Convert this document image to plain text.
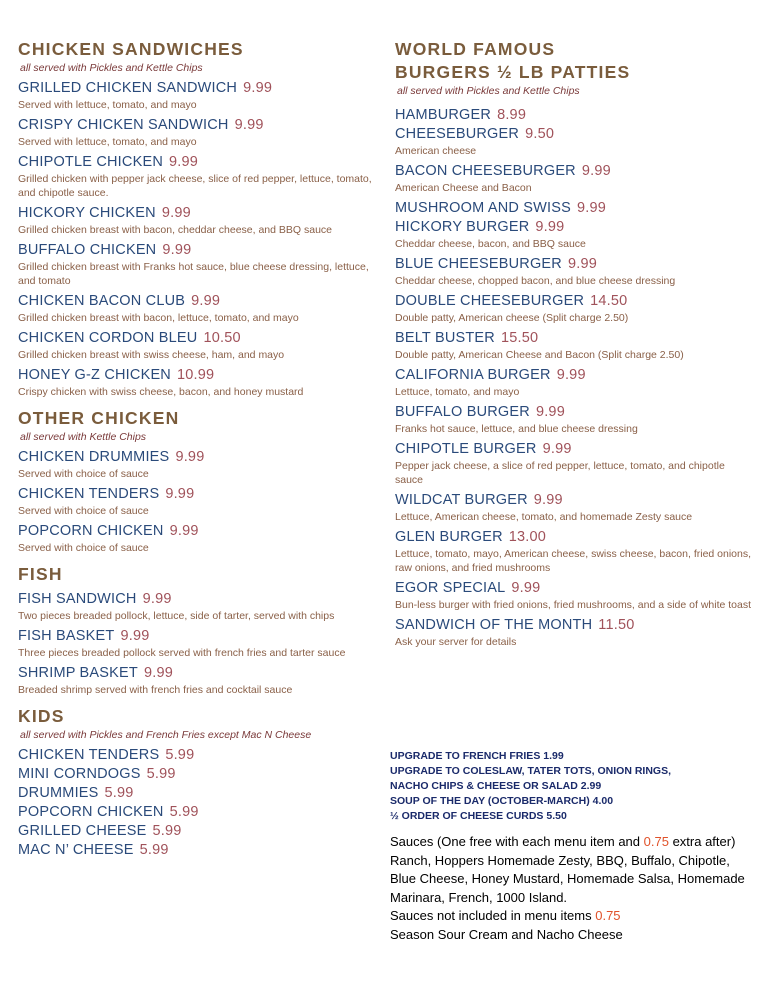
CHICKEN SANDWICHES
all served with Pickles and Kettle Chips
GRILLED CHICKEN SANDWICH 9.99
Served with lettuce, tomato, and mayo
CRISPY CHICKEN SANDWICH 9.99
Served with lettuce, tomato, and mayo
CHIPOTLE CHICKEN 9.99
Grilled chicken with pepper jack cheese, slice of red pepper, lettuce, tomato, and chipotle sauce.
HICKORY CHICKEN 9.99
Grilled chicken breast with bacon, cheddar cheese, and BBQ sauce
BUFFALO CHICKEN 9.99
Grilled chicken breast with Franks hot sauce, blue cheese dressing, lettuce, and tomato
CHICKEN BACON CLUB 9.99
Grilled chicken breast with bacon, lettuce, tomato, and mayo
CHICKEN CORDON BLEU 10.50
Grilled chicken breast with swiss cheese, ham, and mayo
HONEY G-Z CHICKEN 10.99
Crispy chicken with swiss cheese, bacon, and honey mustard
OTHER CHICKEN
all served with Kettle Chips
CHICKEN DRUMMIES 9.99
Served with choice of sauce
CHICKEN TENDERS 9.99
Served with choice of sauce
POPCORN CHICKEN 9.99
Served with choice of sauce
FISH
FISH SANDWICH 9.99
Two pieces breaded pollock, lettuce, side of tarter, served with chips
FISH BASKET 9.99
Three pieces breaded pollock served with french fries and tarter sauce
SHRIMP BASKET 9.99
Breaded shrimp served with french fries and cocktail sauce
KIDS
all served with Pickles and French Fries except Mac N Cheese
CHICKEN TENDERS 5.99
MINI CORNDOGS 5.99
DRUMMIES 5.99
POPCORN CHICKEN 5.99
GRILLED CHEESE 5.99
MAC N’ CHEESE 5.99
WORLD FAMOUS
BURGERS ½ LB PATTIES
all served with Pickles and Kettle Chips
HAMBURGER 8.99
CHEESEBURGER 9.50
American cheese
BACON CHEESEBURGER 9.99
American Cheese and Bacon
MUSHROOM AND SWISS 9.99
HICKORY BURGER 9.99
Cheddar cheese, bacon, and BBQ sauce
BLUE CHEESEBURGER 9.99
Cheddar cheese, chopped bacon, and blue cheese dressing
DOUBLE CHEESEBURGER 14.50
Double patty, American cheese (Split charge 2.50)
BELT BUSTER 15.50
Double patty, American Cheese and Bacon (Split charge 2.50)
CALIFORNIA BURGER 9.99
Lettuce, tomato, and mayo
BUFFALO BURGER 9.99
Franks hot sauce, lettuce, and blue cheese dressing
CHIPOTLE BURGER 9.99
Pepper jack cheese, a slice of red pepper, lettuce, tomato, and chipotle sauce
WILDCAT BURGER 9.99
Lettuce, American cheese, tomato, and homemade Zesty sauce
GLEN BURGER 13.00
Lettuce, tomato, mayo, American cheese, swiss cheese, bacon, fried onions, raw onions, and fried mushrooms
EGOR SPECIAL 9.99
Bun-less burger with fried onions, fried mushrooms, and a side of white toast
SANDWICH OF THE MONTH 11.50
Ask your server for details
UPGRADE TO FRENCH FRIES 1.99
UPGRADE TO COLESLAW, TATER TOTS, ONION RINGS,
NACHO CHIPS & CHEESE OR SALAD 2.99
SOUP OF THE DAY (OCTOBER-MARCH) 4.00
½ ORDER OF CHEESE CURDS 5.50
Sauces (One free with each menu item and 0.75 extra after) Ranch, Hoppers Homemade Zesty, BBQ, Buffalo, Chipotle, Blue Cheese, Honey Mustard, Homemade Salsa, Homemade Marinara, French, 1000 Island.
Sauces not included in menu items 0.75
Season Sour Cream and Nacho Cheese
